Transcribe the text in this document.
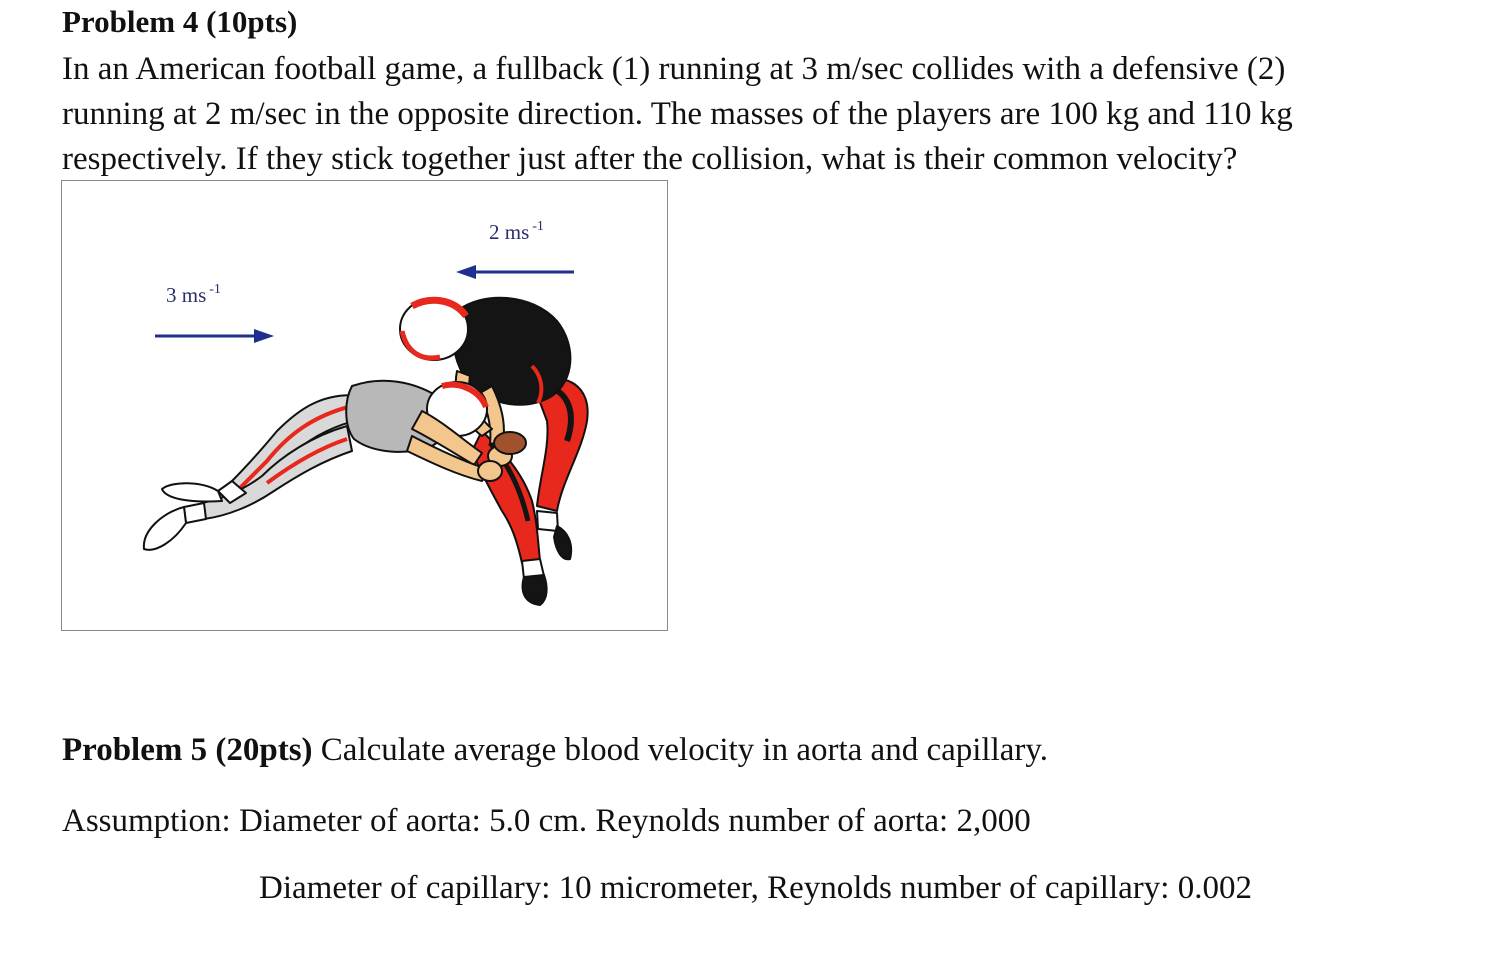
Problem 4 (10pts)
In an American football game, a fullback (1) running at 3 m/sec collides with a defensive (2)
running at 2 m/sec in the opposite direction. The masses of the players are 100 kg and 110 kg
respectively. If they stick together just after the collision, what is their common velocity?
3 ms $^{-1}$
2 ms $^{-1}$
Problem 5 (20pts) Calculate average blood velocity in aorta and capillary.
Assumption: Diameter of aorta: 5.0 cm. Reynolds number of aorta: 2,000
Diameter of capillary: 10 micrometer, Reynolds number of capillary: 0.002
